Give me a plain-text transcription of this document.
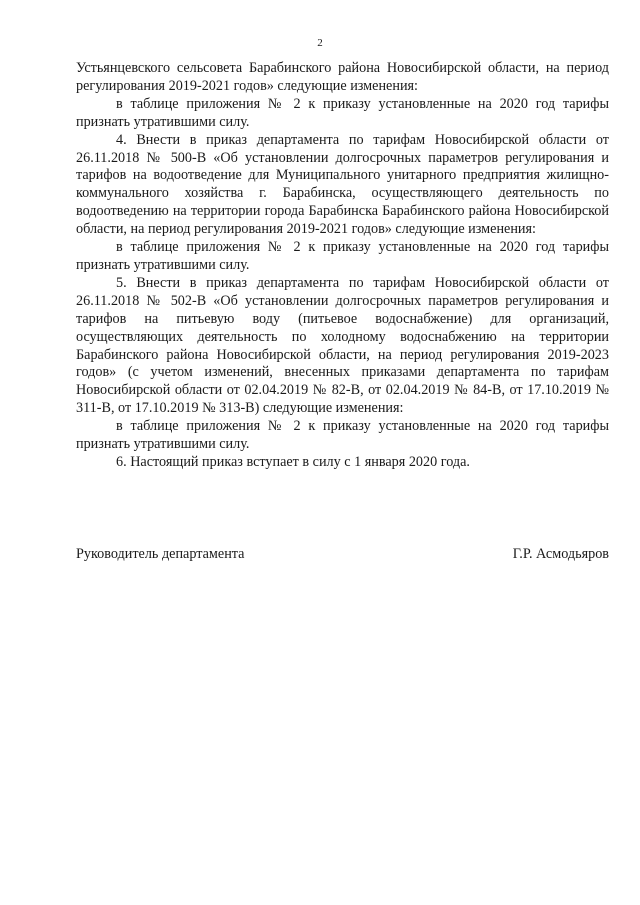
2

Устьянцевского сельсовета Барабинского района Новосибирской области, на период регулирования 2019-2021 годов» следующие изменения:

в таблице приложения № 2 к приказу установленные на 2020 год тарифы признать утратившими силу.

4. Внести в приказ департамента по тарифам Новосибирской области от 26.11.2018 № 500-В «Об установлении долгосрочных параметров регулирования и тарифов на водоотведение для Муниципального унитарного предприятия жилищно-коммунального хозяйства г. Барабинска, осуществляющего деятельность по водоотведению на территории города Барабинска Барабинского района Новосибирской области, на период регулирования 2019-2021 годов» следующие изменения:

в таблице приложения № 2 к приказу установленные на 2020 год тарифы признать утратившими силу.

5. Внести в приказ департамента по тарифам Новосибирской области от 26.11.2018 № 502-В «Об установлении долгосрочных параметров регулирования и тарифов на питьевую воду (питьевое водоснабжение) для организаций, осуществляющих деятельность по холодному водоснабжению на территории Барабинского района Новосибирской области, на период регулирования 2019-2023 годов» (с учетом изменений, внесенных приказами департамента по тарифам Новосибирской области от 02.04.2019 № 82-В, от 02.04.2019 № 84-В, от 17.10.2019 № 311-В, от 17.10.2019 № 313-В) следующие изменения:

в таблице приложения № 2 к приказу установленные на 2020 год тарифы признать утратившими силу.

6. Настоящий приказ вступает в силу с 1 января 2020 года.

Руководитель департамента	Г.Р. Асмодьяров
